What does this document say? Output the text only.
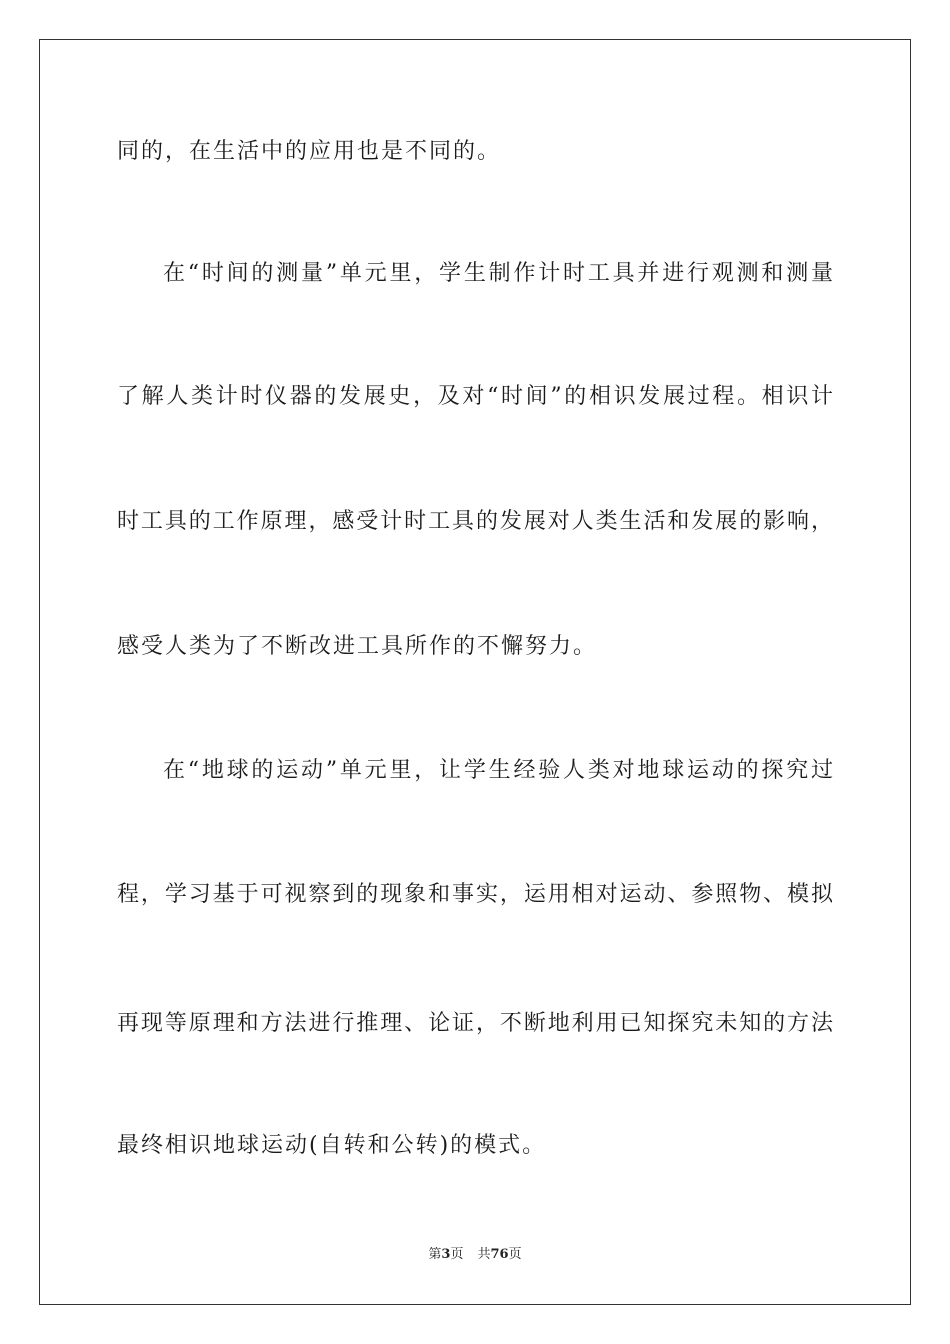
同的，在生活中的应用也是不同的。
在“时间的测量”单元里，学生制作计时工具并进行观测和测量
了解人类计时仪器的发展史，及对“时间”的相识发展过程。相识计
时工具的工作原理，感受计时工具的发展对人类生活和发展的影响，
感受人类为了不断改进工具所作的不懈努力。
在“地球的运动”单元里，让学生经验人类对地球运动的探究过
程，学习基于可视察到的现象和事实，运用相对运动、参照物、模拟
再现等原理和方法进行推理、论证，不断地利用已知探究未知的方法
最终相识地球运动(自转和公转)的模式。
第3页 共76页
